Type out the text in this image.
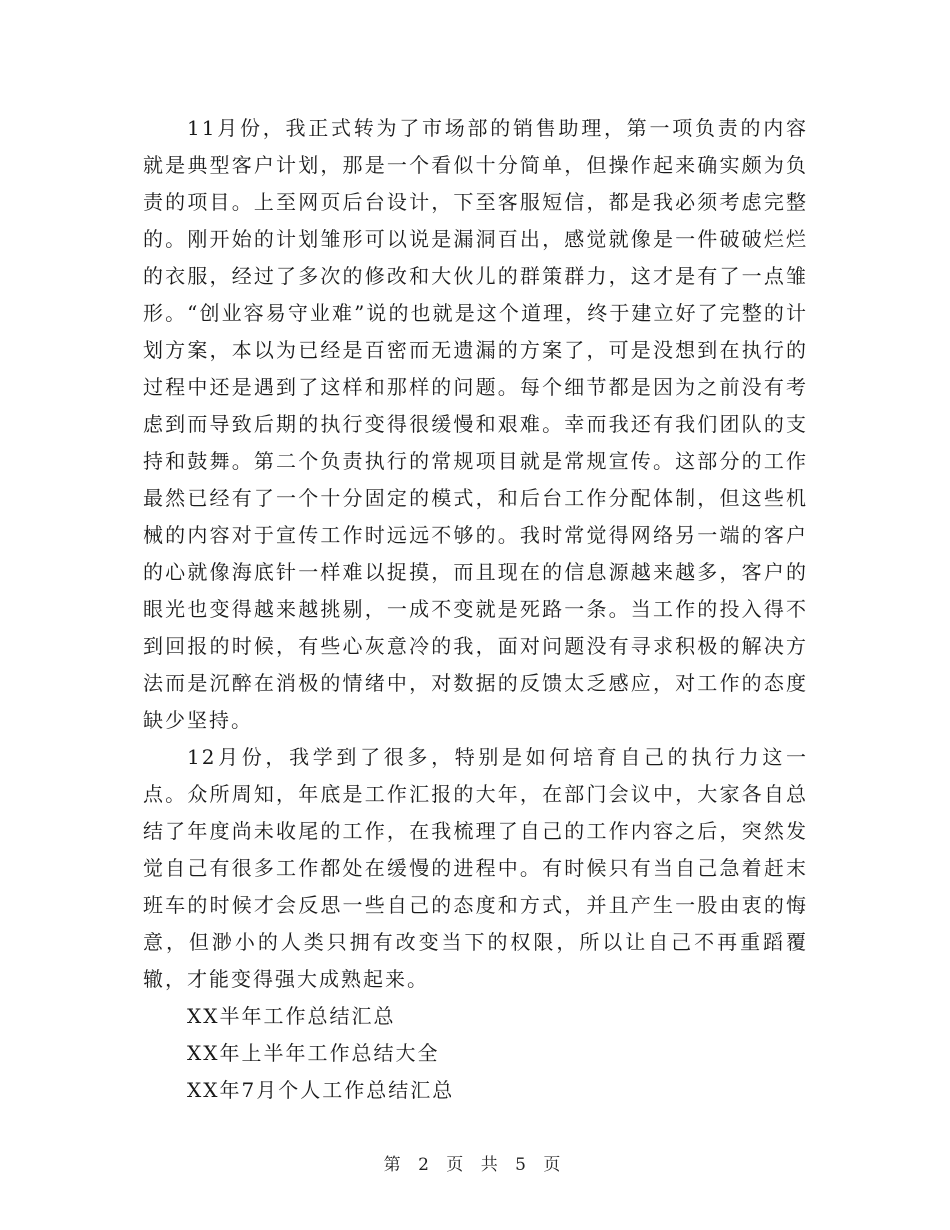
11月份，我正式转为了市场部的销售助理，第一项负责的内容就是典型客户计划，那是一个看似十分简单，但操作起来确实颇为负责的项目。上至网页后台设计，下至客服短信，都是我必须考虑完整的。刚开始的计划雏形可以说是漏洞百出，感觉就像是一件破破烂烂的衣服，经过了多次的修改和大伙儿的群策群力，这才是有了一点雏形。“创业容易守业难”说的也就是这个道理，终于建立好了完整的计划方案，本以为已经是百密而无遗漏的方案了，可是没想到在执行的过程中还是遇到了这样和那样的问题。每个细节都是因为之前没有考虑到而导致后期的执行变得很缓慢和艰难。幸而我还有我们团队的支持和鼓舞。第二个负责执行的常规项目就是常规宣传。这部分的工作最然已经有了一个十分固定的模式，和后台工作分配体制，但这些机械的内容对于宣传工作时远远不够的。我时常觉得网络另一端的客户的心就像海底针一样难以捉摸，而且现在的信息源越来越多，客户的眼光也变得越来越挑剔，一成不变就是死路一条。当工作的投入得不到回报的时候，有些心灰意冷的我，面对问题没有寻求积极的解决方法而是沉醉在消极的情绪中，对数据的反馈太乏感应，对工作的态度缺少坚持。

12月份，我学到了很多，特别是如何培育自己的执行力这一点。众所周知，年底是工作汇报的大年，在部门会议中，大家各自总结了年度尚未收尾的工作，在我梳理了自己的工作内容之后，突然发觉自己有很多工作都处在缓慢的进程中。有时候只有当自己急着赶末班车的时候才会反思一些自己的态度和方式，并且产生一股由衷的悔意，但渺小的人类只拥有改变当下的权限，所以让自己不再重蹈覆辙，才能变得强大成熟起来。

XX半年工作总结汇总

XX年上半年工作总结大全

XX年7月个人工作总结汇总

第 2 页 共 5 页
